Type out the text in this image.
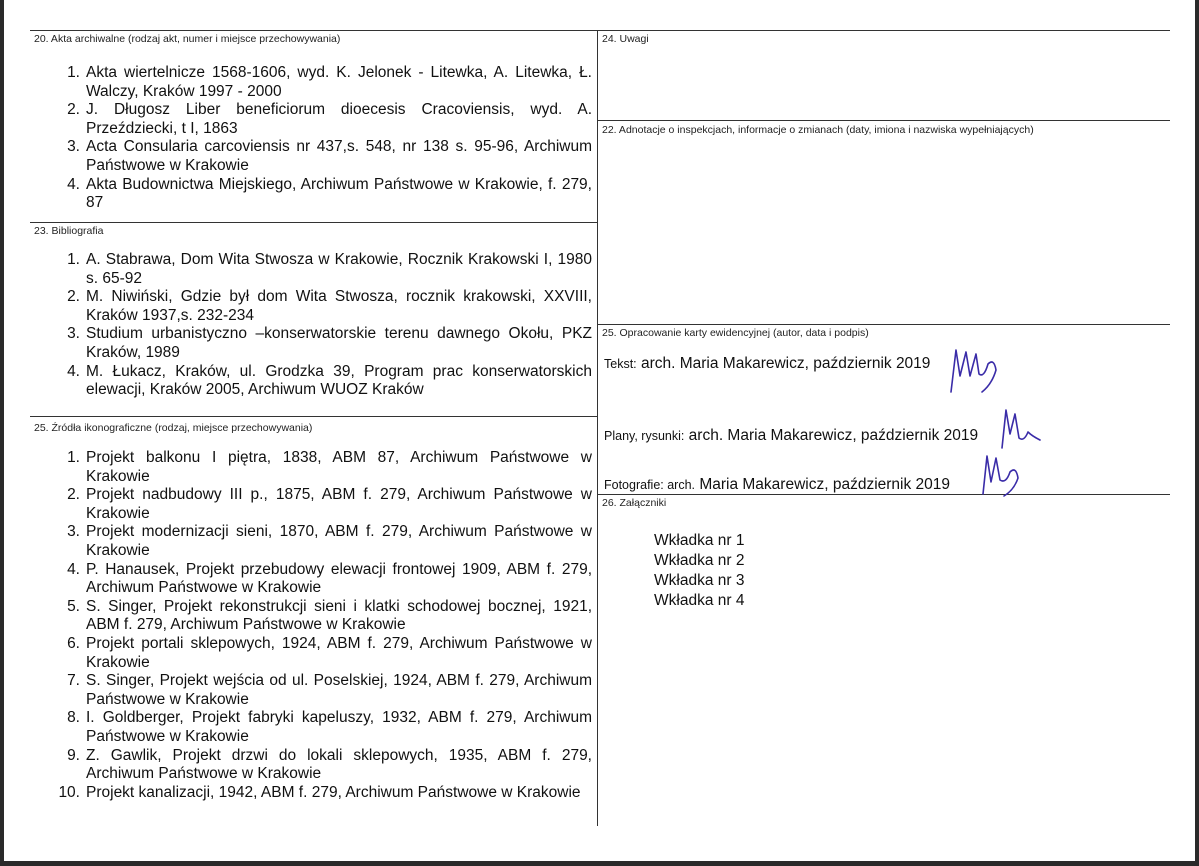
20. Akta archiwalne (rodzaj akt, numer i miejsce przechowywania)
1. Akta wiertelnicze 1568-1606, wyd. K. Jelonek - Litewka, A. Litewka, Ł. Walczy, Kraków 1997 - 2000
2. J. Długosz Liber beneficiorum dioecesis Cracoviensis, wyd. A. Przeździecki, t I, 1863
3. Acta Consularia carcoviensis nr 437,s. 548, nr 138 s. 95-96, Archiwum Państwowe w Krakowie
4. Akta Budownictwa Miejskiego, Archiwum Państwowe w Krakowie, f. 279, 87
23. Bibliografia
1. A. Stabrawa, Dom Wita Stwosza w Krakowie, Rocznik Krakowski I, 1980 s. 65-92
2. M. Niwiński, Gdzie był dom Wita Stwosza, rocznik krakowski, XXVIII, Kraków 1937,s. 232-234
3. Studium urbanistyczno –konserwatorskie terenu dawnego Okołu, PKZ Kraków, 1989
4. M. Łukacz, Kraków, ul. Grodzka 39, Program prac konserwatorskich elewacji, Kraków 2005, Archiwum WUOZ Kraków
25. Źródła ikonograficzne (rodzaj, miejsce przechowywania)
1. Projekt balkonu I piętra, 1838, ABM 87, Archiwum Państwowe w Krakowie
2. Projekt nadbudowy III p., 1875, ABM f. 279, Archiwum Państwowe w Krakowie
3. Projekt modernizacji sieni, 1870, ABM f. 279, Archiwum Państwowe w Krakowie
4. P. Hanausek, Projekt przebudowy elewacji frontowej 1909, ABM f. 279, Archiwum Państwowe w Krakowie
5. S. Singer, Projekt rekonstrukcji sieni i klatki schodowej bocznej, 1921, ABM f. 279, Archiwum Państwowe w Krakowie
6. Projekt portali sklepowych, 1924, ABM f. 279, Archiwum Państwowe w Krakowie
7. S. Singer, Projekt wejścia od ul. Poselskiej, 1924, ABM f. 279, Archiwum Państwowe w Krakowie
8. I. Goldberger, Projekt fabryki kapeluszy, 1932, ABM f. 279, Archiwum Państwowe w Krakowie
9. Z. Gawlik, Projekt drzwi do lokali sklepowych, 1935, ABM f. 279, Archiwum Państwowe w Krakowie
10. Projekt kanalizacji, 1942, ABM f. 279, Archiwum Państwowe w Krakowie
24. Uwagi
22. Adnotacje o inspekcjach, informacje o zmianach (daty, imiona i nazwiska wypełniających)
25. Opracowanie karty ewidencyjnej (autor, data i podpis)
Tekst: arch. Maria Makarewicz, październik 2019
Plany, rysunki: arch. Maria Makarewicz, październik 2019
Fotografie: arch. Maria Makarewicz, październik 2019
26. Załączniki
Wkładka nr 1
Wkładka nr 2
Wkładka nr 3
Wkładka nr 4
